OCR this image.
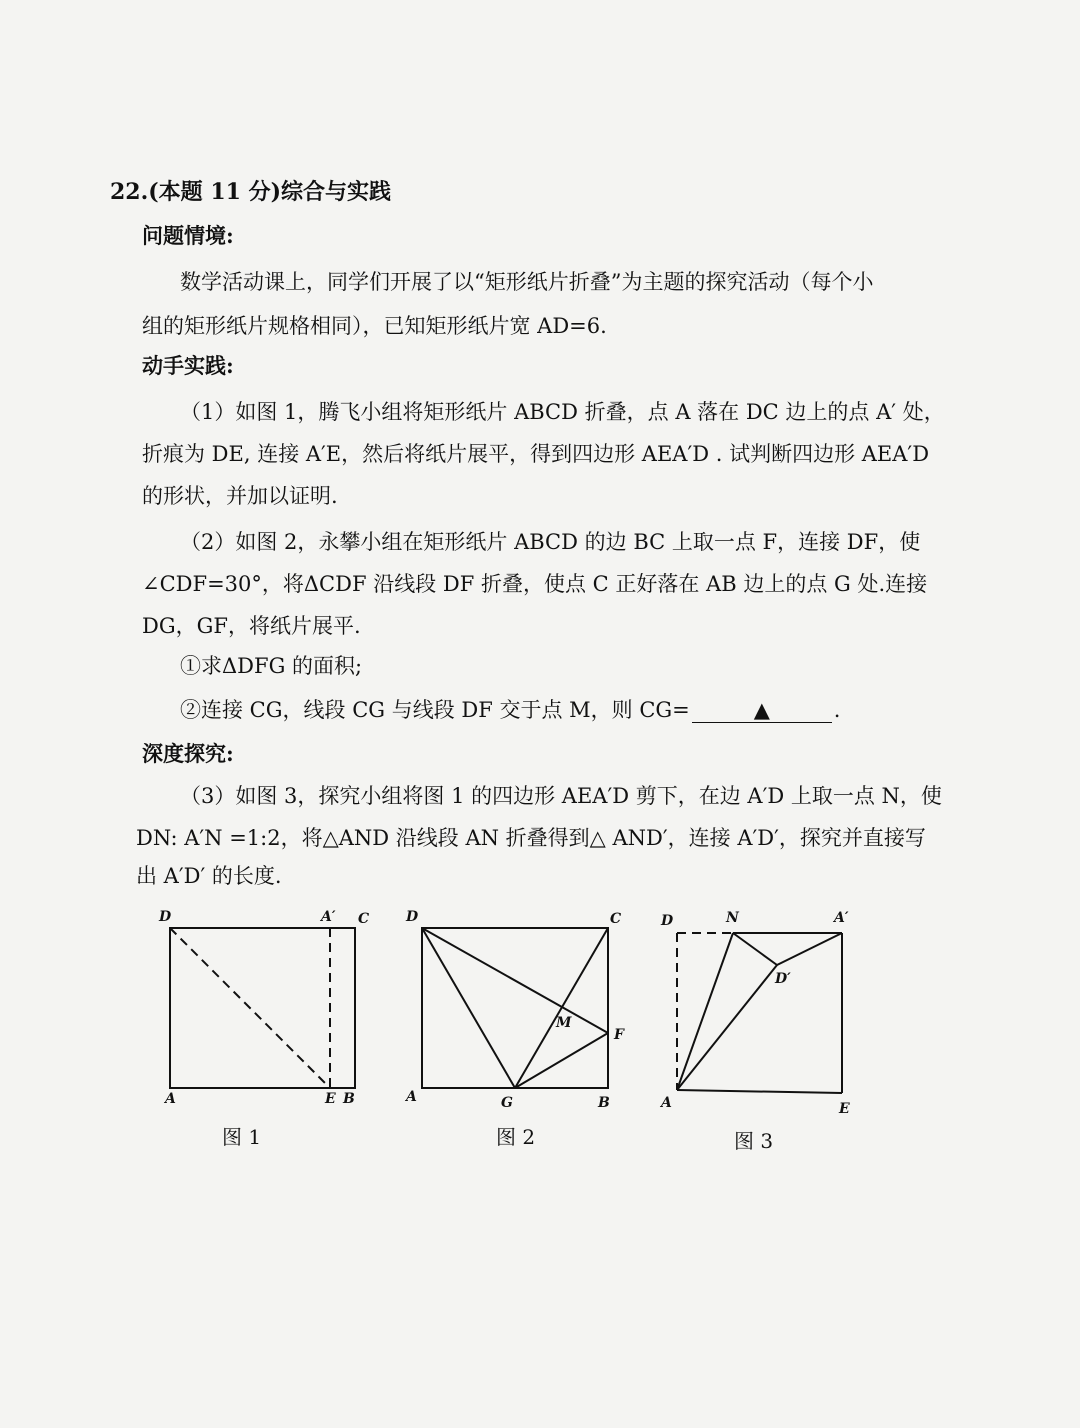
22.(本题 11 分)综合与实践
问题情境:
数学活动课上，同学们开展了以“矩形纸片折叠”为主题的探究活动（每个小
组的矩形纸片规格相同），已知矩形纸片宽 AD=6.
动手实践:
（1）如图 1，腾飞小组将矩形纸片 ABCD 折叠，点 A 落在 DC 边上的点 A′ 处，
折痕为 DE, 连接 A′E，然后将纸片展平，得到四边形 AEA′D . 试判断四边形 AEA′D
的形状，并加以证明.
（2）如图 2，永攀小组在矩形纸片 ABCD 的边 BC 上取一点 F，连接 DF，使
∠CDF=30°，将ΔCDF 沿线段 DF 折叠，使点 C 正好落在 AB 边上的点 G 处.连接
DG，GF，将纸片展平.
①求ΔDFG 的面积;
②连接 CG，线段 CG 与线段 DF 交于点 M，则 CG=	▲	.
深度探究:
（3）如图 3，探究小组将图 1 的四边形 AEA′D 剪下，在边 A′D 上取一点 N，使
DN: A′N =1:2，将△AND 沿线段 AN 折叠得到△ AND′，连接 A′D′，探究并直接写
出 A′D′ 的长度.
D	A′ C
A	E B
图 1
D	C
M
F
A	G	B
图 2
D	N	A′
D′
A	E
图 3
